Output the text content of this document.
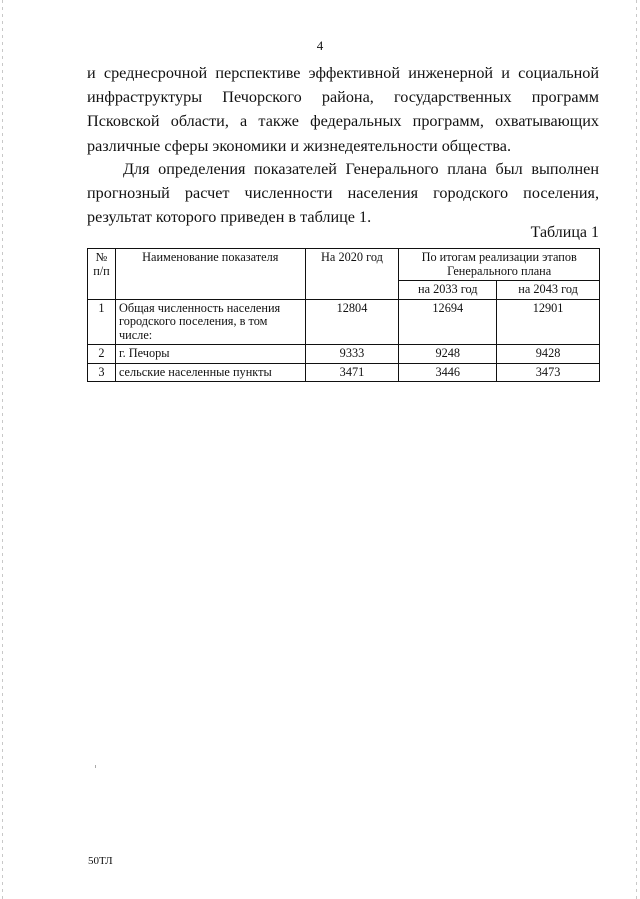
4

и среднесрочной перспективе эффективной инженерной и социальной
инфраструктуры Печорского района, государственных программ
Псковской области, а также федеральных программ, охватывающих
различные сферы экономики и жизнедеятельности общества.

Для определения показателей Генерального плана был выполнен
прогнозный расчет численности населения городского поселения,
результат которого приведен в таблице 1.

Таблица 1
№ п/п	Наименование показателя	На 2020 год	По итогам реализации этапов Генерального плана	
			на 2033 год	на 2043 год
1	Общая численность населения городского поселения, в том числе:	12804	12694	12901
2	г. Печоры	9333	9248	9428
3	сельские населенные пункты	3471	3446	3473
50ТЛ
